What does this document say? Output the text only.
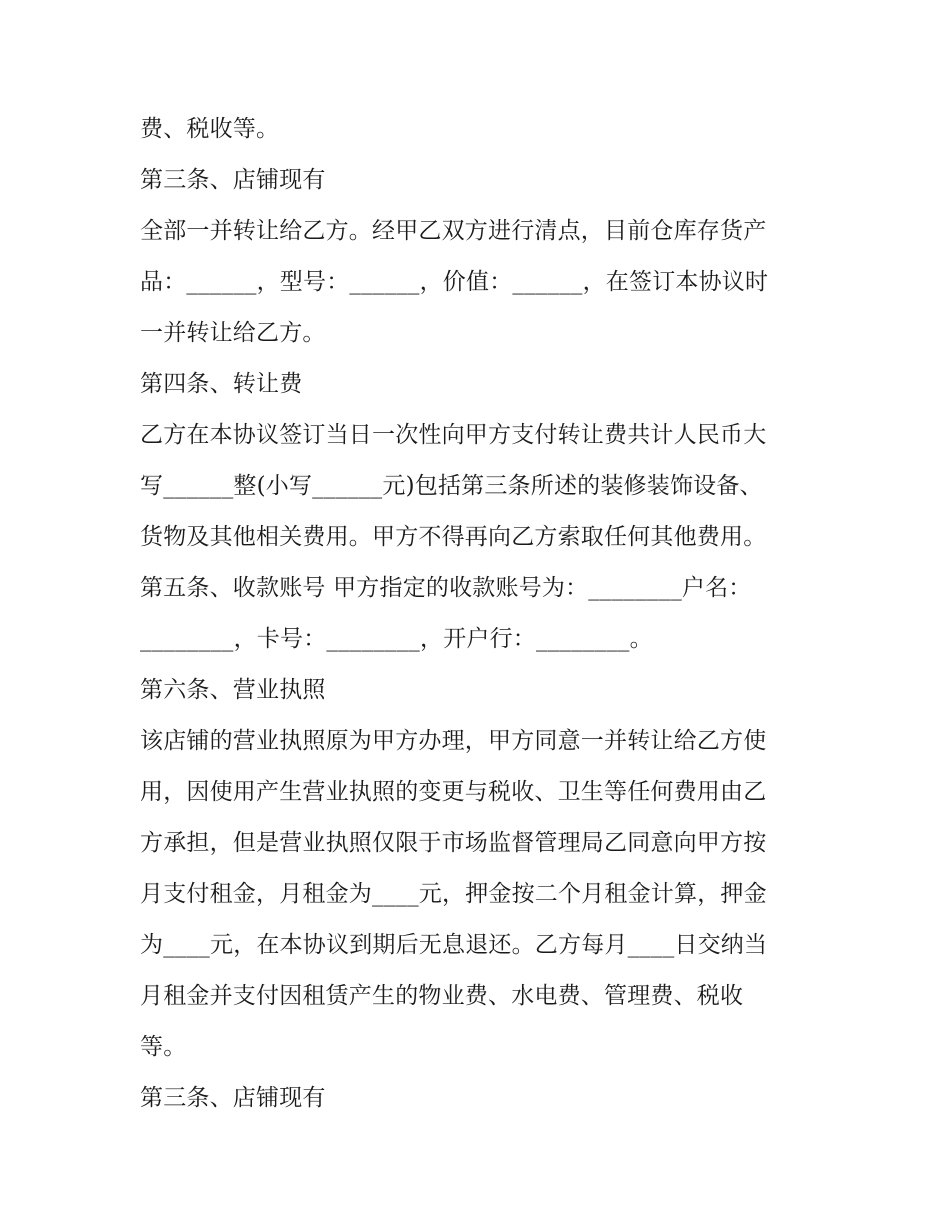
费、税收等。
第三条、店铺现有
全部一并转让给乙方。经甲乙双方进行清点，目前仓库存货产
品：______，型号：______，价值：______，在签订本协议时
一并转让给乙方。
第四条、转让费
乙方在本协议签订当日一次性向甲方支付转让费共计人民币大
写______整(小写______元)包括第三条所述的装修装饰设备、
货物及其他相关费用。甲方不得再向乙方索取任何其他费用。
第五条、收款账号 甲方指定的收款账号为：________户名：
________，卡号：________，开户行：________。
第六条、营业执照
该店铺的营业执照原为甲方办理，甲方同意一并转让给乙方使
用，因使用产生营业执照的变更与税收、卫生等任何费用由乙
方承担，但是营业执照仅限于市场监督管理局乙同意向甲方按
月支付租金，月租金为____元，押金按二个月租金计算，押金
为____元，在本协议到期后无息退还。乙方每月____日交纳当
月租金并支付因租赁产生的物业费、水电费、管理费、税收
等。
第三条、店铺现有
